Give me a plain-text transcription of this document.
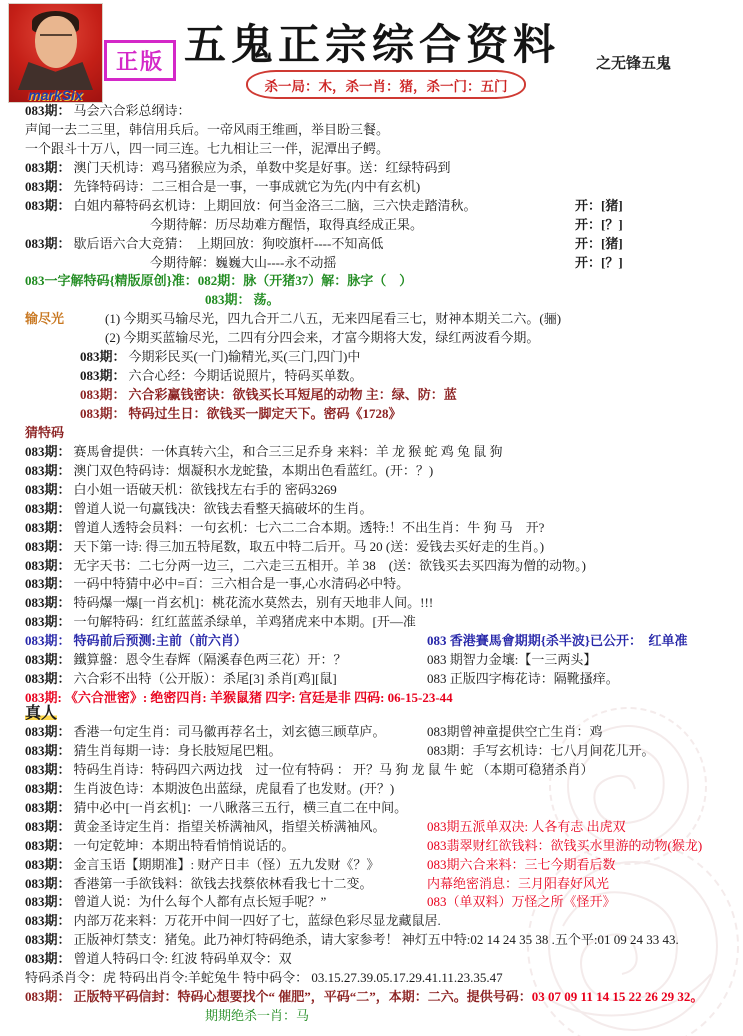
markSix
正版 五鬼正宗综合资料 之无锋五鬼
杀一局：木，杀一肖：猪，杀一门：五门
083期： 马会六合彩总纲诗：
声闻一去二三里，韩信用兵后。一帝风雨王维画，举目盼三餐。
一个跟斗十万八，四一同三连。七九相让三一伴，泥潭出子鳄。
083期： 澳门天机诗：鸡马猪猴应为杀，单数中奖是好事。送：红绿特码到
083期： 先锋特码诗：二三相合是一事，一事成就它为先(内中有玄机)
083期： 白姐内幕特码玄机诗：上期回放：何当金洛三二脑，三六快走踏清秋。	开：[猪]
今期待解：历尽劫难方醒悟，取得真经成正果。	开：[？]
083期： 歇后语六合大竞猜：　上期回放：狗咬旗杆----不知高低	开：[猪]
今期待解：巍巍大山----永不动摇	开：[？]
083一字解特码{精版原创}准：082期：脉（开猪37）解：脉字（　）
083期： 荡。
输尽光	(1) 今期买马输尽光，四九合开二八五，无来四尾看三七，财神本期关二六。(骊)
(2) 今期买蓝输尽光，二四有分四会来，才富今期将大发，绿红两波看今期。
083期： 今期彩民买(一门)输精光,买(三门,四门)中
083期： 六合心经：今期话说照片，特码买单数。
083期： 六合彩赢钱密诀：欲钱买长耳短尾的动物 主：绿、防：蓝
083期： 特码过生日：欲钱买一脚定天下。密码《1728》
猜特码
083期： 赛馬會提供：一休真转六尘，和合三三足乔身 来料：羊 龙 猴 蛇 鸡 兔 鼠 狗
083期： 澳门双色特码诗：烟凝积水龙蛇蛰，本期出色看蓝红。(开：？)
083期： 白小姐一语破天机：欲钱找左右手的 密码3269
083期： 曾道人说一句赢钱决：欲钱去看整天搞破坏的生肖。
083期： 曾道人透特会员料：一句玄机：七六二二合本期。透特:！不出生肖：牛 狗 马　开?
083期： 天下第一诗: 得三加五特尾数，取五中特二后开。马 20 (送：爱钱去买好走的生肖。)
083期： 无字天书：二七分两一边三，二六走三五相开。羊 38　(送：欲钱买去买四海为僧的动物。)
083期： 一码中特猜中必中=百：三六相合是一事,心水清码必中特。
083期： 特码爆一爆[一肖玄机]：桃花流水莫然去，别有天地非人间。!!!
083期： 一句解特码：红红蓝蓝杀绿单，羊鸡猪虎来中本期。[开—准
083期： 特码前后预测:主前（前六肖）	083 香港賽馬會期期{杀半波}已公开：　红单准
083期： 鐵算盤：恩令生春辉（隔溪春色两三花）开：？	083 期智力金壤:【一三两头】
083期： 六合彩不出特（公开版）：杀尾[3] 杀肖[鸡][鼠]	083 正版四字梅花诗：隔靴搔痒。
083期: 《六合泄密》: 绝密四肖: 羊猴鼠猪 四字: 宫廷是非 四码: 06-15-23-44
真人
083期： 香港一句定生肖：司马徽再荐名士，刘玄德三顾草庐。	083期曾神童提供空亡生肖：鸡
083期： 猜生肖每期一诗：身长肢短尾巴粗。	083期：手写玄机诗：七八月间花儿开。
083期： 特码生肖诗：特码四六两边找　过一位有特码 ： 开？马 狗 龙 鼠 牛 蛇 （本期可稳猪杀肖）
083期： 生肖波色诗：本期波色出蓝绿，虎鼠看了也发财。(开？)
083期： 猜中必中[一肖玄机]：一八瞅落三五行，横三直二在中间。
083期： 黄金圣诗定生肖：指望关桥满袖风，指望关桥满袖风。	083期五派单双决: 人各有志 出虎双
083期： 一句定乾坤：本期出特看悄悄说话的。	083翡翠财红欲钱料：欲钱买水里游的动物(猴龙)
083期： 金言玉语【期期准】: 财产日丰（怪）五九发财《？》	083期六合来料：三七今期看后数
083期： 香港第一手欲钱料：欲钱去找蔡依林看我七十二变。	内幕绝密消息：三月阳春好风光
083期： 曾道人说：为什么每个人都有点长短手呢？”	083（单双料）万怪之所《怪开》
083期： 内部万花来料：万花开中间一四好了七，蓝绿色彩尽显龙藏鼠居.
083期： 正版神灯禁支：猪兔。此乃神灯特码绝杀，请大家参考！ 神灯五中特:02 14 24 35 38 .五个平:01 09 24 33 43.
083期： 曾道人特码口令: 红波 特码单双令：双
特码杀肖令：虎 特码出肖令:羊蛇兔牛 特中码令： 03.15.27.39.05.17.29.41.11.23.35.47
083期： 正版特平码信封：特码心想要找个“ 催肥”，平码“二”，本期：二六。提供号码： 03 07 09 11 14 15 22 26 29 32。
期期绝杀一肖：马
